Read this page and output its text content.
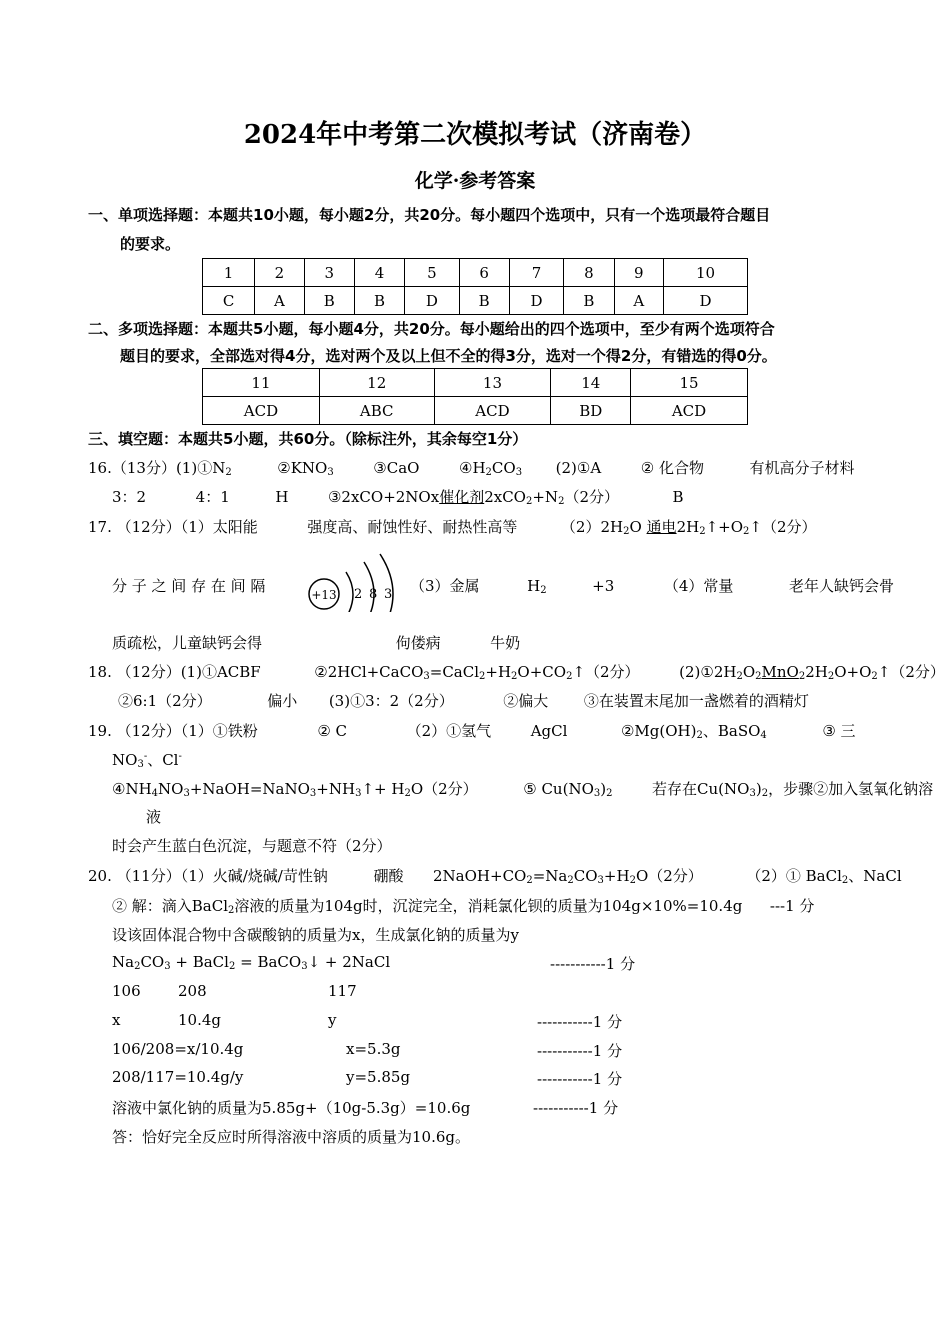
2024年中考第二次模拟考试（济南卷）
化学·参考答案
一、单项选择题：本题共10小题，每小题2分，共20分。每小题四个选项中，只有一个选项最符合题目
的要求。
1	2	3	4	5	6	7	8	9	10
C	A	B	B	D	B	D	B	A	D
二、多项选择题：本题共5小题，每小题4分，共20分。每小题给出的四个选项中，至少有两个选项符合
题目的要求，全部选对得4分，选对两个及以上但不全的得3分，选对一个得2分，有错选的得0分。
11	12	13	14	15
ACD	ABC	ACD	BD	ACD
三、填空题：本题共5小题，共60分。（除标注外，其余每空1分）
16.（13分）$(1)①N_2$	$②KNO_3$	③CaO	$④H_2CO_3$ (2)①A	② 化合物	有机高分子材料
3：2	4：1	H	③2xCO+2NOx催化剂$2xCO_2+N_2(2$分）	B
17. （12分）（1）太阳能	强度高、耐蚀性好、耐热性高等	$(2)2H_2O$ 通电$2H_2↑+O_2↑(2$分）
分 子 之 间 存 在 间 隔	+13 2 8 3 （3）金属	$H_2$	+3	（4）常量	老年人缺钙会骨
质疏松，儿童缺钙会得	佝偻病	牛奶
18. （12分）(1)①ACBF	$②2HCl+CaCO_3=CaCl_2+H_2O+CO_2↑(2$分）	$(2)①2H_2O_2MnO_22H_2O+O_2↑(2$分）
②6:1（2分）	偏小 (3)①3：2（2分）	②偏大 ③在装置末尾加一盏燃着的酒精灯
19. （12分）（1）①铁粉	② C	（2）①氢气	AgCl	$②Mg(OH)_2$、BaSO$_4$	③ 三
$NO_3^-$、Cl-
$④NH_4NO_3+NaOH=NaNO_3+NH_3↑+ H_2O(2$分）	⑤ $Cu(NO_3)_2$	若存在$Cu(NO_3)_2$，步骤②加入氢氧化钠溶
液
时会产生蓝白色沉淀，与题意不符（2分）
20. （11分）（1）火碱/烧碱/苛性钠	硼酸 $2NaOH+CO_2=Na_2CO_3+H_2O(2$分）	（2）① BaCl$_2$、NaCl
② 解：滴入BaCl$_2$溶液的质量为104g时，沉淀完全，消耗氯化钡的质量为104g×10%=10.4g ---1 分
设该固体混合物中含碳酸钠的质量为x，生成氯化钠的质量为y
$Na_2CO_3$ + BaCl$_2$ = BaCO$_3$↓ + 2NaCl	-----------1 分
106 208	117
x	10.4g	y	-----------1 分
106/208=x/10.4g	x=5.3g	-----------1 分
208/117=10.4g/y	y=5.85g	-----------1 分
溶液中氯化钠的质量为5.85g+（10g-5.3g）=10.6g	-----------1 分
答：恰好完全反应时所得溶液中溶质的质量为10.6g。
